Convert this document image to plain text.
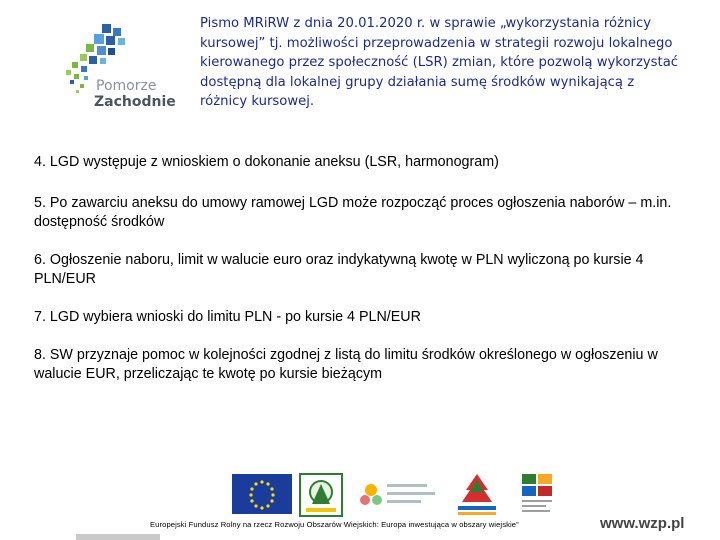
Pomorze
Zachodnie
Pismo MRiRW z dnia 20.01.2020 r. w sprawie „wykorzystania różnicy kursowej” tj. możliwości przeprowadzenia w strategii rozwoju lokalnego kierowanego przez społeczność (LSR) zmian, które pozwolą wykorzystać dostępną dla lokalnej grupy działania sumę środków wynikającą z różnicy kursowej.
4. LGD występuje z wnioskiem o dokonanie aneksu (LSR, harmonogram)
5. Po zawarciu aneksu do umowy ramowej LGD może rozpocząć proces ogłoszenia naborów – m.in. dostępność środków
6. Ogłoszenie naboru, limit w walucie euro oraz indykatywną kwotę w PLN wyliczoną po kursie 4 PLN/EUR
7. LGD wybiera wnioski do limitu PLN - po kursie 4 PLN/EUR
8. SW przyznaje pomoc w kolejności zgodnej z listą do limitu środków określonego w ogłoszeniu w walucie EUR, przeliczając te kwotę po kursie bieżącym
Europejski Fundusz Rolny na rzecz Rozwoju Obszarów Wiejskich: Europa inwestująca w obszary wiejskie”	www.wzp.pl
